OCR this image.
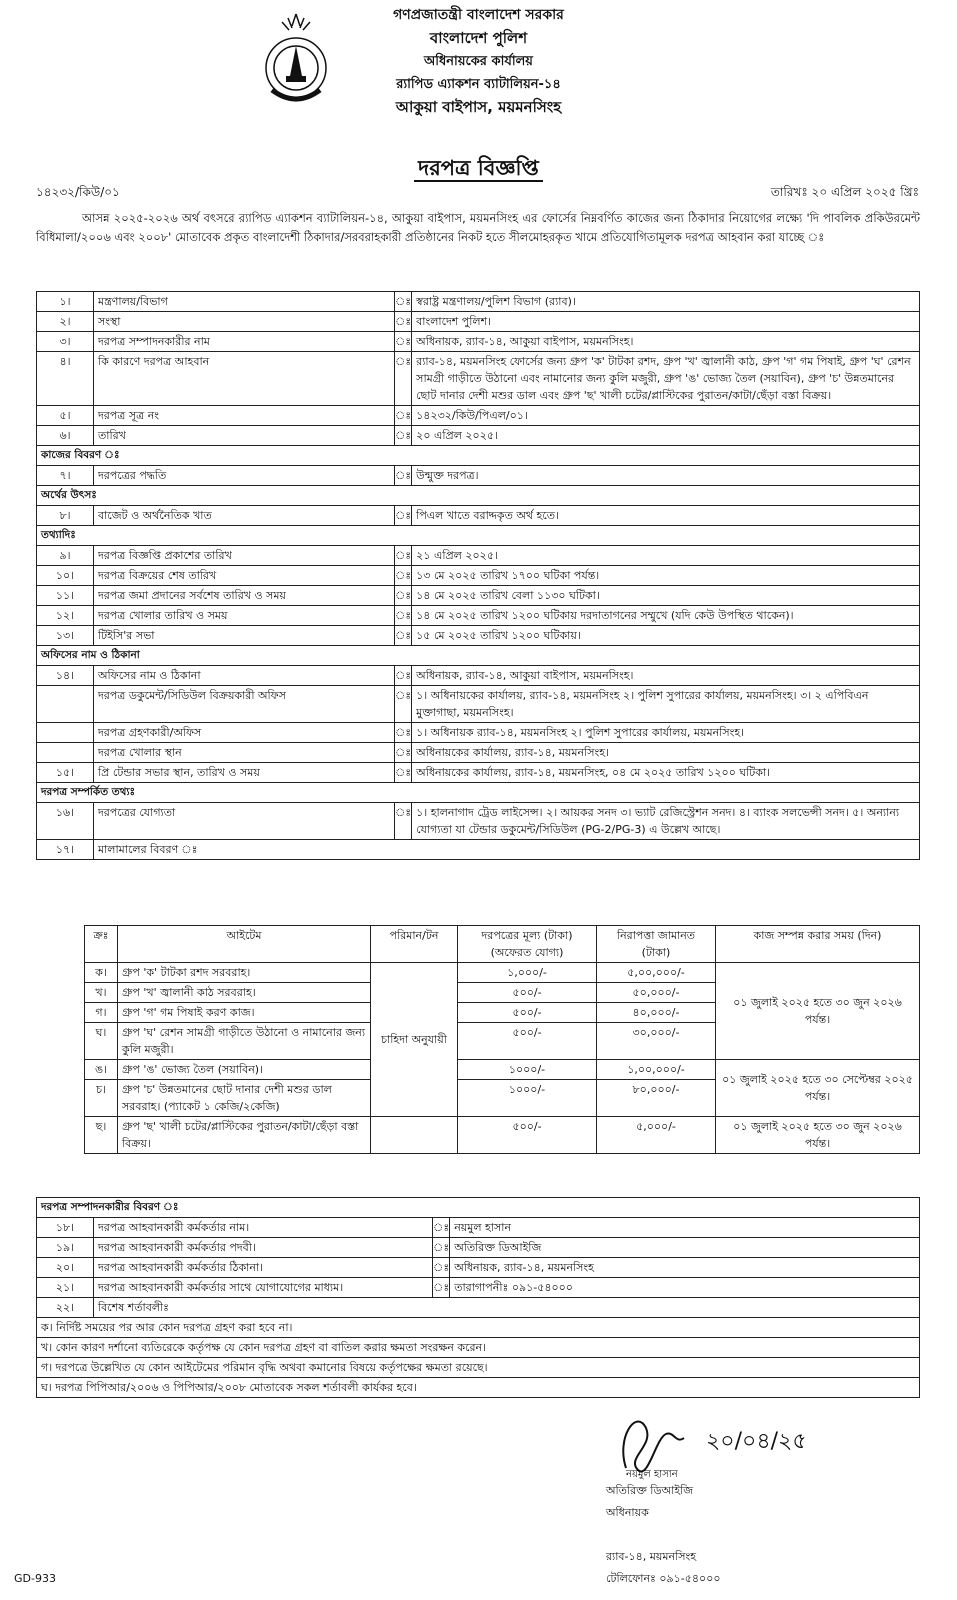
গণপ্রজাতন্ত্রী বাংলাদেশ সরকার
বাংলাদেশ পুলিশ
অধিনায়কের কার্যালয়
র‍্যাপিড এ্যাকশন ব্যাটালিয়ন-১৪
আকুয়া বাইপাস, ময়মনসিংহ
দরপত্র বিজ্ঞপ্তি
১৪২৩২/কিউ/০১	তারিখঃ ২০ এপ্রিল ২০২৫ খ্রিঃ
আসন্ন ২০২৫-২০২৬ অর্থ বৎসরে র‍্যাপিড এ্যাকশন ব্যাটালিয়ন-১৪, আকুয়া বাইপাস, ময়মনসিংহ এর ফোর্সের নিম্নবর্ণিত কাজের জন্য ঠিকাদার নিয়োগের লক্ষ্যে 'দি পাবলিক প্রকিউরমেন্ট বিধিমালা/২০০৬ এবং ২০০৮' মোতাবেক প্রকৃত বাংলাদেশী ঠিকাদার/সরবরাহকারী প্রতিষ্ঠানের নিকট হতে সীলমোহরকৃত খামে প্রতিযোগিতামূলক দরপত্র আহবান করা যাচ্ছে ঃ
১।	মন্ত্রণালয়/বিভাগ	ঃ	স্বরাষ্ট্র মন্ত্রণালয়/পুলিশ বিভাগ (র‍্যাব)।
২।	সংস্থা	ঃ	বাংলাদেশ পুলিশ।
৩।	দরপত্র সম্পাদনকারীর নাম	ঃ	অধিনায়ক, র‍্যাব-১৪, আকুয়া বাইপাস, ময়মনসিংহ।
৪।	কি কারণে দরপত্র আহবান	ঃ	র‍্যাব-১৪, ময়মনসিংহ ফোর্সের জন্য গ্রুপ 'ক' টাটকা রশদ, গ্রুপ 'খ' জ্বালানী কাঠ, গ্রুপ 'গ' গম পিষাই, গ্রুপ 'ঘ' রেশন সামগ্রী গাড়ীতে উঠানো এবং নামানোর জন্য কুলি মজুরী, গ্রুপ 'ঙ' ভোজ্য তৈল (সয়াবিন), গ্রুপ 'চ' উন্নতমানের ছোট দানার দেশী মশুর ডাল এবং গ্রুপ 'ছ' খালী চটের/প্লাস্টিকের পুরাতন/কাটা/ছেঁড়া বস্তা বিক্রয়।
৫।	দরপত্র সূত্র নং	ঃ	১৪২৩২/কিউ/পিএল/০১।
৬।	তারিখ	ঃ	২০ এপ্রিল ২০২৫।
কাজের বিবরণ ঃ			
৭।	দরপত্রের পদ্ধতি	ঃ	উন্মুক্ত দরপত্র।
অর্থের উৎসঃ			
৮।	বাজেট ও অর্থনৈতিক খাত	ঃ	পিএল খাতে বরাদ্দকৃত অর্থ হতে।
তথ্যাদিঃ			
৯।	দরপত্র বিজ্ঞপ্তি প্রকাশের তারিখ	ঃ	২১ এপ্রিল ২০২৫।
১০।	দরপত্র বিক্রয়ের শেষ তারিখ	ঃ	১৩ মে ২০২৫ তারিখ ১৭০০ ঘটিকা পর্যন্ত।
১১।	দরপত্র জমা প্রদানের সর্বশেষ তারিখ ও সময়	ঃ	১৪ মে ২০২৫ তারিখ বেলা ১১৩০ ঘটিকা।
১২।	দরপত্র খোলার তারিখ ও সময়	ঃ	১৪ মে ২০২৫ তারিখ ১২০০ ঘটিকায় দরদাতাগনের সম্মুখে (যদি কেউ উপস্থিত থাকেন)।
১৩।	টিইসি'র সভা	ঃ	১৫ মে ২০২৫ তারিখ ১২০০ ঘটিকায়।
অফিসের নাম ও ঠিকানা			
১৪।	অফিসের নাম ও ঠিকানা	ঃ	অধিনায়ক, র‍্যাব-১৪, আকুয়া বাইপাস, ময়মনসিংহ।
	দরপত্র ডকুমেন্ট/সিডিউল বিক্রয়কারী অফিস	ঃ	১। অধিনায়কের কার্যালয়, র‍্যাব-১৪, ময়মনসিংহ ২। পুলিশ সুপারের কার্যালয়, ময়মনসিংহ। ৩। ২ এপিবিএন মুক্তাগাছা, ময়মনসিংহ।
	দরপত্র গ্রহণকারী/অফিস	ঃ	১। অধিনায়ক র‍্যাব-১৪, ময়মনসিংহ ২। পুলিশ সুপারের কার্যালয়, ময়মনসিংহ।
	দরপত্র খোলার স্থান	ঃ	অধিনায়কের কার্যালয়, র‍্যাব-১৪, ময়মনসিংহ।
১৫।	প্রি টেন্ডার সভার স্থান, তারিখ ও সময়	ঃ	অধিনায়কের কার্যালয়, র‍্যাব-১৪, ময়মনসিংহ, ০৪ মে ২০২৫ তারিখ ১২০০ ঘটিকা।
দরপত্র সম্পর্কিত তথ্যঃ			
১৬।	দরপত্রের যোগ্যতা	ঃ	১। হালনাগাদ ট্রেড লাইসেন্স। ২। আয়কর সনদ ৩। ভ্যাট রেজিস্ট্রেশন সনদ। ৪। ব্যাংক সলভেন্সী সনদ। ৫। অন্যান্য যোগ্যতা যা টেন্ডার ডকুমেন্ট/সিডিউল (PG-2/PG-3) এ উল্লেখ আছে।
১৭।	মালামালের বিবরণ ঃ		
ক্রঃ	আইটেম	পরিমান/টন	দরপত্রের মূল্য (টাকা) (অফেরত যোগ্য)	নিরাপত্তা জামানত (টাকা)	কাজ সম্পন্ন করার সময় (দিন)
ক।	গ্রুপ 'ক' টাটকা রশদ সরবরাহ।	চাহিদা অনুযায়ী	১,০০০/-	৫,০০,০০০/-	০১ জুলাই ২০২৫ হতে ৩০ জুন ২০২৬ পর্যন্ত।
খ।	গ্রুপ 'খ' জ্বালানী কাঠ সরবরাহ।		৫০০/-	৫০,০০০/-	
গ।	গ্রুপ 'গ' গম পিষাই করণ কাজ।		৫০০/-	৪০,০০০/-	
ঘ।	গ্রুপ 'ঘ' রেশন সামগ্রী গাড়ীতে উঠানো ও নামানোর জন্য কুলি মজুরী।		৫০০/-	৩০,০০০/-	
ঙ।	গ্রুপ 'ঙ' ভোজ্য তৈল (সয়াবিন)।		১০০০/-	১,০০,০০০/-	০১ জুলাই ২০২৫ হতে ৩০ সেপ্টেম্বর ২০২৫ পর্যন্ত।
চ।	গ্রুপ 'চ' উন্নতমানের ছোট দানার দেশী মশুর ডাল সরবরাহ। (প্যাকেট ১ কেজি/২কেজি)		১০০০/-	৮০,০০০/-	
ছ।	গ্রুপ 'ছ' খালী চটের/প্লাস্টিকের পুরাতন/কাটা/ছেঁড়া বস্তা বিক্রয়।		৫০০/-	৫,০০০/-	০১ জুলাই ২০২৫ হতে ৩০ জুন ২০২৬ পর্যন্ত।
দরপত্র সম্পাদনকারীর বিবরণ ঃ			
১৮।	দরপত্র আহবানকারী কর্মকর্তার নাম।	ঃ	নয়মুল হাসান
১৯।	দরপত্র আহবানকারী কর্মকর্তার পদবী।	ঃ	অতিরিক্ত ডিআইজি
২০।	দরপত্র আহবানকারী কর্মকর্তার ঠিকানা।	ঃ	অধিনায়ক, র‍্যাব-১৪, ময়মনসিংহ
২১।	দরপত্র আহবানকারী কর্মকর্তার সাথে যোগাযোগের মাধ্যম।	ঃ	তারাগাপনীঃ ০৯১-৫৪০০০
২২।	বিশেষ শর্তাবলীঃ		
ক। নির্দিষ্ট সময়ের পর আর কোন দরপত্র গ্রহণ করা হবে না।			
খ। কোন কারণ দর্শানো ব্যতিরেকে কর্তৃপক্ষ যে কোন দরপত্র গ্রহণ বা বাতিল করার ক্ষমতা সংরক্ষন করেন।			
গ। দরপত্রে উল্লেখিত যে কোন আইটেমের পরিমান বৃদ্ধি অথবা কমানোর বিষয়ে কর্তৃপক্ষের ক্ষমতা রয়েছে।			
ঘ। দরপত্র পিপিআর/২০০৬ ও পিপিআর/২০০৮ মোতাবেক সকল শর্তাবলী কার্যকর হবে।			
২০/০৪/২৫
নয়মুল হাসান
অতিরিক্ত ডিআইজি
অধিনায়ক
র‍্যাব-১৪, ময়মনসিংহ
টেলিফোনঃ ০৯১-৫৪০০০
GD-933
